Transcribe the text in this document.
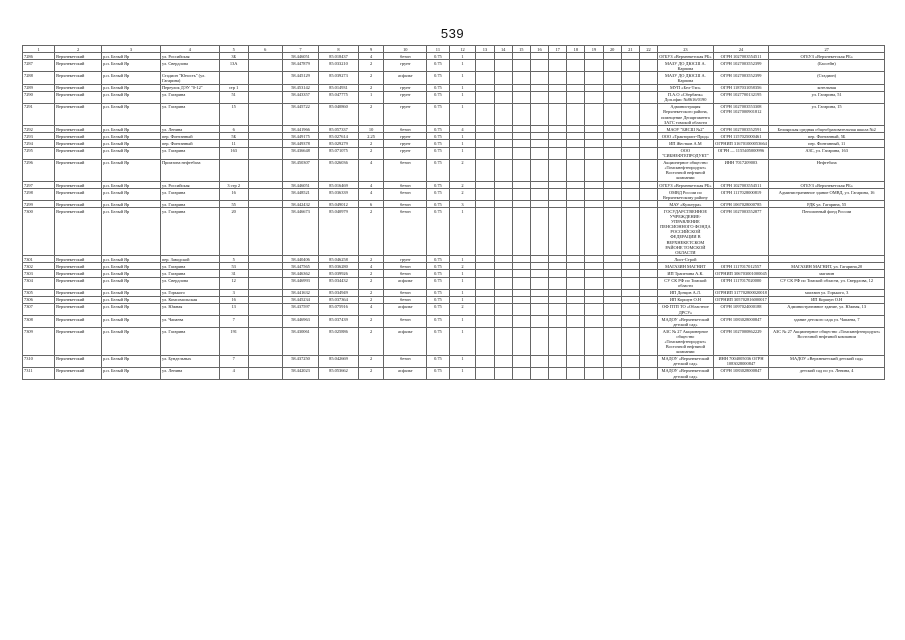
539
1	2	3	4	5	6	7	8	9	10	11	12	13	14	15	16	17	18	19	20	21	22	23	24	27
7286	Верхнекетский	р.п. Белый Яр	ул. Российская	3Б		58.446051	85.018437	4	бетон	0.75	1											ОГБУЗ «Верхнекетская РБ»	ОГРН 1027003554511	ОГБУЗ «Верхнекетская РБ»
7287	Верхнекетский	р.п. Белый Яр	ул. Свердлова	13А		58.447879	85.033210	2	грунт	0.75	1											МАЗУ ДО ДЮСШ А. Карпова	ОГРН 1027003552399	(Бассейн)
7288	Верхнекетский	р.п. Белый Яр	Стадион "Юность" (ул. Гагарина)			58.445129	85.039273	2	асфальт	0.75	1											МАЗУ ДО ДЮСШ А. Карпова	ОГРН 1027003552399	(Стадион)
7289	Верхнекетский	р.п. Белый Яр	Переулок ДЭУ "0-12"	стр 1		58.453142	85.014931	2	грунт	0.75	1											МУП «Бел-Тэп»	ОГРН 1187031058356	котельная
7290	Верхнекетский	р.п. Белый Яр	ул. Гагарина	51		58.443357	85.047775	1	грунт	0.75	1											П.А.О «Сбербанк» Доп.офис №8616/0190	ОГРН 1027700132195	ул. Гагарина, 51
7291	Верхнекетский	р.п. Белый Яр	ул. Гагарина	15		58.445722	85.040860	2	грунт	0.75	1											Администрация Верхнекетского района, помещение Департамента ЗАГС томской области	ОГРН 1027003553308 ОГРН 1027000901812	ул. Гагарина, 15
7292	Верхнекетский	р.п. Белый Яр	ул. Ленина	6		58.441966	85.057337	10	бетон	0.75	4											МАОУ "БЯСШ №2"	ОГРН 1027003552591	Белоярская средняя общеобразовательная школа №2
7293	Верхнекетский	р.п. Белый Яр	пер. Фонтанный	5Б		58.449175	85.027614	2.25	грунт	0.75	1											ООО «Тракторист-Прод»	ОГРН 1157025000461	пер. Фонтанный, 5Б
7294	Верхнекетский	р.п. Белый Яр	пер. Фонтанный	11		58.449378	85.029279	2	грунт	0.75	1											ИП Жестков А.М	ОГРНИП 316701000053664	пер. Фонтанный, 11
7295	Верхнекетский	р.п. Белый Яр	ул. Гагарина	163		58.436648	85.071075	2	грунт	0.75	1											ООО "СИБНЕФТЕПРОДУКТ"	ОГРН — 1155405000996	АЗС, ул. Гагарина, 163
7296	Верхнекетский	р.п. Белый Яр	Промзона нефтебаза			58.450307	85.026036	4	бетон	0.75	2											Акционерное общество «Томскнефтепродукт» Восточной нефтяной компании	ИНН 7017209003	Нефтебаза
7297	Верхнекетский	р.п. Белый Яр	ул. Российская	3 стр 2		58.446051	85.016469	4	бетон	0.75	2											ОГБУЗ «Верхнекетская РБ»	ОГРН 1027003554511	ОГБУЗ «Верхнекетская РБ»
7298	Верхнекетский	р.п. Белый Яр	ул. Гагарина	16		58.448521	85.036339	4	бетон	0.75	2											ОМВД России по Верхнекетскому району	ОГРН 1117028000819	Административное здание ОМВД, ул. Гагарина, 16
7299	Верхнекетский	р.п. Белый Яр	ул. Гагарина	55		58.442432	85.049012	6	бетон	0.75	3											МАУ «Культура»	ОГРН 1067028000785	РДК ул. Гагарина, 55
7300	Верхнекетский	р.п. Белый Яр	ул. Гагарина	20		58.446673	85.040979	2	бетон	0.75	1											ГОСУДАРСТВЕННОЕ УЧРЕЖДЕНИЕ-УПРАВЛЕНИЕ ПЕНСИОННОГО ФОНДА РОССИЙСКОЙ ФЕДЕРАЦИИ В ВЕРХНЕКЕТСКОМ РАЙОНЕ ТОМСКОЙ ОБЛАСТИ	ОГРН 1027003552877	Пенсионный фонд России
7301	Верхнекетский	р.п. Белый Яр	пер. Заводской	5		58.440406	85.046258	2	грунт	0.75	1											Лист-Строй		
7302	Верхнекетский	р.п. Белый Яр	ул. Гагарина	53		58.447565	85.036280	4	бетон	0.75	2											МАГАЗИН МАГНИТ	ОГРН 1117017012557	МАГАЗИН МАГНИТ, ул. Гагарина,20
7303	Верхнекетский	р.п. Белый Яр	ул. Гагарина	31		58.446362	85.039926	2	бетон	0.75	1											ИП Трапезина А.К.	ОГРНИП 306703001000045	магазин
7304	Верхнекетский	р.п. Белый Яр	ул. Свердлова	12		58.446993	85.034432	2	асфальт	0.75	1											СУ СК РФ по Томской области	ОГРН 1117017020000	СУ СК РФ по Томской области, ул. Свердлова, 12
7305	Верхнекетский	р.п. Белый Яр	ул. Горького	3		58.441632	85.034949	2	бетон	0.75	1											ИП Донцов А.Л.	ОГРНИП 317702800020018	магазин ул. Горького, 3
7306	Верхнекетский	р.п. Белый Яр	ул. Комсомольская	16		58.445234	85.037364	2	бетон	0.75	1											ИП Коршун О.Н	ОГРНИП 305702816000017	ИП Коршун О.Н
7307	Верхнекетский	р.п. Белый Яр	ул. Южная	13		58.437597	85.075916	4	асфальт	0.75	2											ОФ ПТП ТО «Областное ДРСУ»	ОГРН 1097024000188	Административное здание, ул. Южная, 13
7308	Верхнекетский	р.п. Белый Яр	ул. Чапаева	7		58.446963	85.037439	2	бетон	0.75	1											МАДОУ «Верхнекетский детский сад»	ОГРН 1083028000847	здание детского сада ул. Чапаева, 7
7309	Верхнекетский	р.п. Белый Яр	ул. Гагарина	191		58.430061	85.025886	2	асфальт	0.75	1											АЗС № 27 Акционерное общество «Томскнефтепродукт» Восточной нефтяной компании	ОГРН 1027000862229	АЗС № 27 Акционерное общество «Томскнефтепродукт» Восточной нефтяной компании
7310	Верхнекетский	р.п. Белый Яр	ул. Бундельных	7		58.437250	85.042669	2	бетон	0.75	1											МАДОУ «Верхнекетский детский сад»	ИНН 7004005036 ОГРН 1083028000847	МАДОУ «Верхнекетский детский сад»
7311	Верхнекетский	р.п. Белый Яр	ул. Ленина	4		58.442023	85.053662	2	асфальт	0.75	1											МАДОУ «Верхнекетский детский сад»	ОГРН 1083028000847	детский сад по ул. Ленина, 4
